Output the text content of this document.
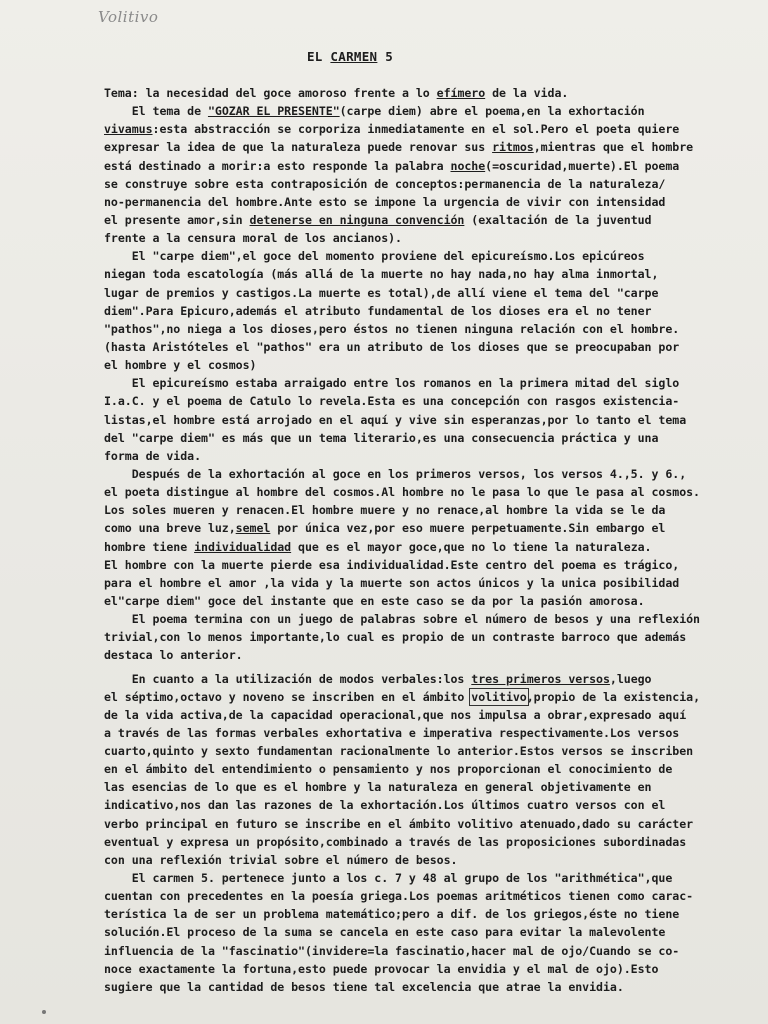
Volitivo
EL CARMEN 5
Tema: la necesidad del goce amoroso frente a lo efímero de la vida.
El tema de "GOZAR EL PRESENTE"(carpe diem) abre el poema,en la exhortación
vivamus:esta abstracción se corporiza inmediatamente en el sol.Pero el poeta quiere
expresar la idea de que la naturaleza puede renovar sus ritmos,mientras que el hombre
está destinado a morir:a esto responde la palabra noche(=oscuridad,muerte).El poema
se construye sobre esta contraposición de conceptos:permanencia de la naturaleza/
no-permanencia del hombre.Ante esto se impone la urgencia de vivir con intensidad
el presente amor,sin detenerse en ninguna convención (exaltación de la juventud
frente a la censura moral de los ancianos).
El "carpe diem",el goce del momento proviene del epicureísmo.Los epicúreos
niegan toda escatología (más allá de la muerte no hay nada,no hay alma inmortal,
lugar de premios y castigos.La muerte es total),de allí viene el tema del "carpe
diem".Para Epicuro,además el atributo fundamental de los dioses era el no tener
"pathos",no niega a los dioses,pero éstos no tienen ninguna relación con el hombre.
(hasta Aristóteles el "pathos" era un atributo de los dioses que se preocupaban por
el hombre y el cosmos)
El epicureísmo estaba arraigado entre los romanos en la primera mitad del siglo
I.a.C. y el poema de Catulo lo revela.Esta es una concepción con rasgos existencia-
listas,el hombre está arrojado en el aquí y vive sin esperanzas,por lo tanto el tema
del "carpe diem" es más que un tema literario,es una consecuencia práctica y una
forma de vida.
Después de la exhortación al goce en los primeros versos, los versos 4.,5. y 6.,
el poeta distingue al hombre del cosmos.Al hombre no le pasa lo que le pasa al cosmos.
Los soles mueren y renacen.El hombre muere y no renace,al hombre la vida se le da
como una breve luz,semel por única vez,por eso muere perpetuamente.Sin embargo el
hombre tiene individualidad que es el mayor goce,que no lo tiene la naturaleza.
El hombre con la muerte pierde esa individualidad.Este centro del poema es trágico,
para el hombre el amor ,la vida y la muerte son actos únicos y la unica posibilidad
el"carpe diem" goce del instante que en este caso se da por la pasión amorosa.
El poema termina con un juego de palabras sobre el número de besos y una reflexión
trivial,con lo menos importante,lo cual es propio de un contraste barroco que además
destaca lo anterior.
En cuanto a la utilización de modos verbales:los tres primeros versos,luego
el séptimo,octavo y noveno se inscriben en el ámbito volitivo,propio de la existencia,
de la vida activa,de la capacidad operacional,que nos impulsa a obrar,expresado aquí
a través de las formas verbales exhortativa e imperativa respectivamente.Los versos
cuarto,quinto y sexto fundamentan racionalmente lo anterior.Estos versos se inscriben
en el ámbito del entendimiento o pensamiento y nos proporcionan el conocimiento de
las esencias de lo que es el hombre y la naturaleza en general objetivamente en
indicativo,nos dan las razones de la exhortación.Los últimos cuatro versos con el
verbo principal en futuro se inscribe en el ámbito volitivo atenuado,dado su carácter
eventual y expresa un propósito,combinado a través de las proposiciones subordinadas
con una reflexión trivial sobre el número de besos.
El carmen 5. pertenece junto a los c. 7 y 48 al grupo de los "arithmética",que
cuentan con precedentes en la poesía griega.Los poemas aritméticos tienen como carac-
terística la de ser un problema matemático;pero a dif. de los griegos,éste no tiene
solución.El proceso de la suma se cancela en este caso para evitar la malevolente
influencia de la "fascinatio"(invidere=la fascinatio,hacer mal de ojo/Cuando se co-
noce exactamente la fortuna,esto puede provocar la envidia y el mal de ojo).Esto
sugiere que la cantidad de besos tiene tal excelencia que atrae la envidia.
